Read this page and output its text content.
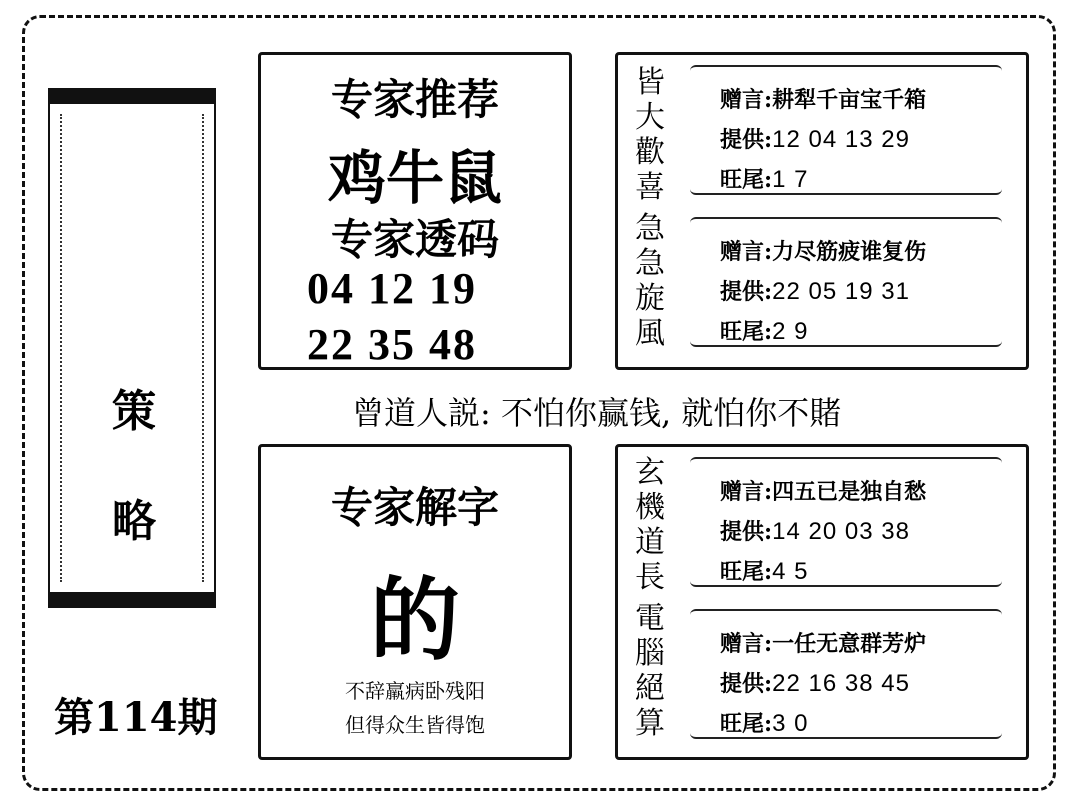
策
略
第114期
专家推荐
鸡牛鼠
专家透码
04 12 19
22 35 48
皆
大
歡
喜

急
急
旋
風
赠言:耕犁千亩宝千箱
提供:12 04 13 29
旺尾:1 7
赠言:力尽筋疲谁复伤
提供:22 05 19 31
旺尾:2 9
曾道人説: 不怕你赢钱, 就怕你不賭
专家解字
的
不辞羸病卧残阳
但得众生皆得饱
玄
機
道
長

電
腦
絕
算
赠言:四五已是独自愁
提供:14 20 03 38
旺尾:4 5
赠言:一任无意群芳炉
提供:22 16 38 45
旺尾:3 0
